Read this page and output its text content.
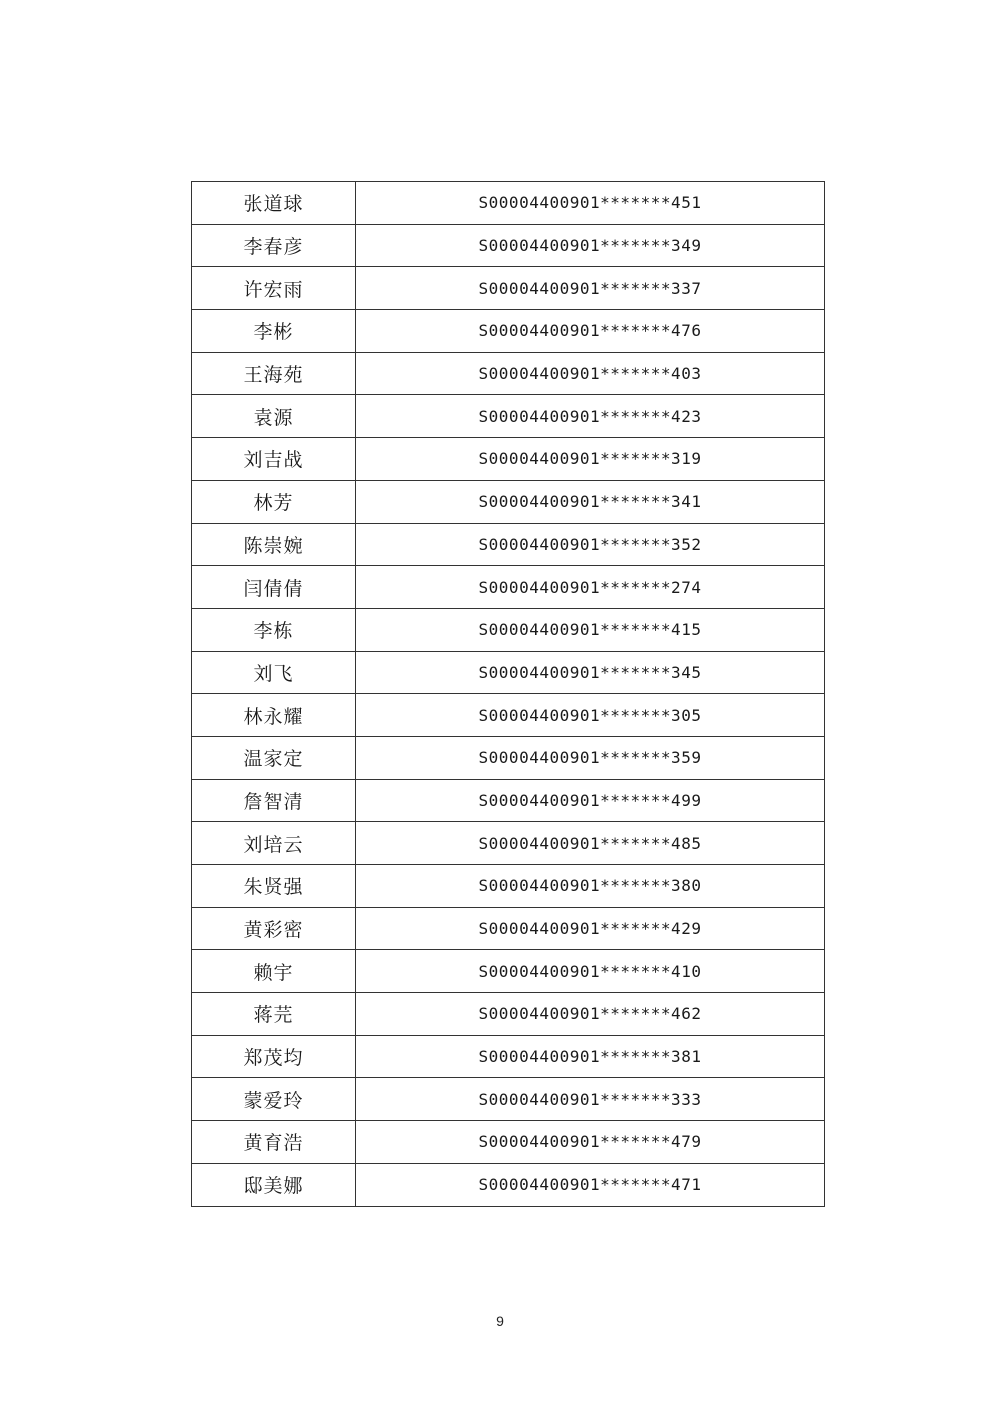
张道球	S00004400901*******451
李春彦	S00004400901*******349
许宏雨	S00004400901*******337
李彬	S00004400901*******476
王海苑	S00004400901*******403
袁源	S00004400901*******423
刘吉战	S00004400901*******319
林芳	S00004400901*******341
陈崇婉	S00004400901*******352
闫倩倩	S00004400901*******274
李栋	S00004400901*******415
刘飞	S00004400901*******345
林永耀	S00004400901*******305
温家定	S00004400901*******359
詹智清	S00004400901*******499
刘培云	S00004400901*******485
朱贤强	S00004400901*******380
黄彩密	S00004400901*******429
赖宇	S00004400901*******410
蒋芫	S00004400901*******462
郑茂均	S00004400901*******381
蒙爱玲	S00004400901*******333
黄育浩	S00004400901*******479
邸美娜	S00004400901*******471
9
